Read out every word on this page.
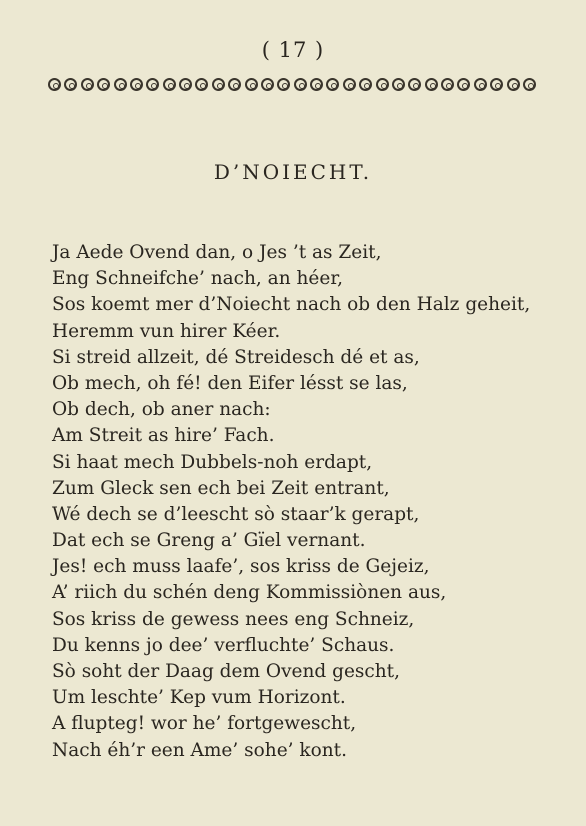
( 17 )
D’NOIECHT.
Ja Aede Ovend dan, o Jes ’t as Zeit,
Eng Schneifche’ nach, an héer,
Sos koemt mer d’Noiecht nach ob den Halz geheit,
Heremm vun hirer Kéer.
Si streid allzeit, dé Streidesch dé et as,
Ob mech, oh fé! den Eifer lésst se las,
Ob dech, ob aner nach:
Am Streit as hire’ Fach.
Si haat mech Dubbels-noh erdapt,
Zum Gleck sen ech bei Zeit entrant,
Wé dech se d’leescht sò staar’k gerapt,
Dat ech se Greng a’ Gïel vernant.
Jes! ech muss laafe’, sos kriss de Gejeiz,
A’ riich du schén deng Kommissiònen aus,
Sos kriss de gewess nees eng Schneiz,
Du kenns jo dee’ verfluchte’ Schaus.
Sò soht der Daag dem Ovend gescht,
Um leschte’ Kep vum Horizont.
A flupteg! wor he’ fortgewescht,
Nach éh’r een Ame’ sohe’ kont.
